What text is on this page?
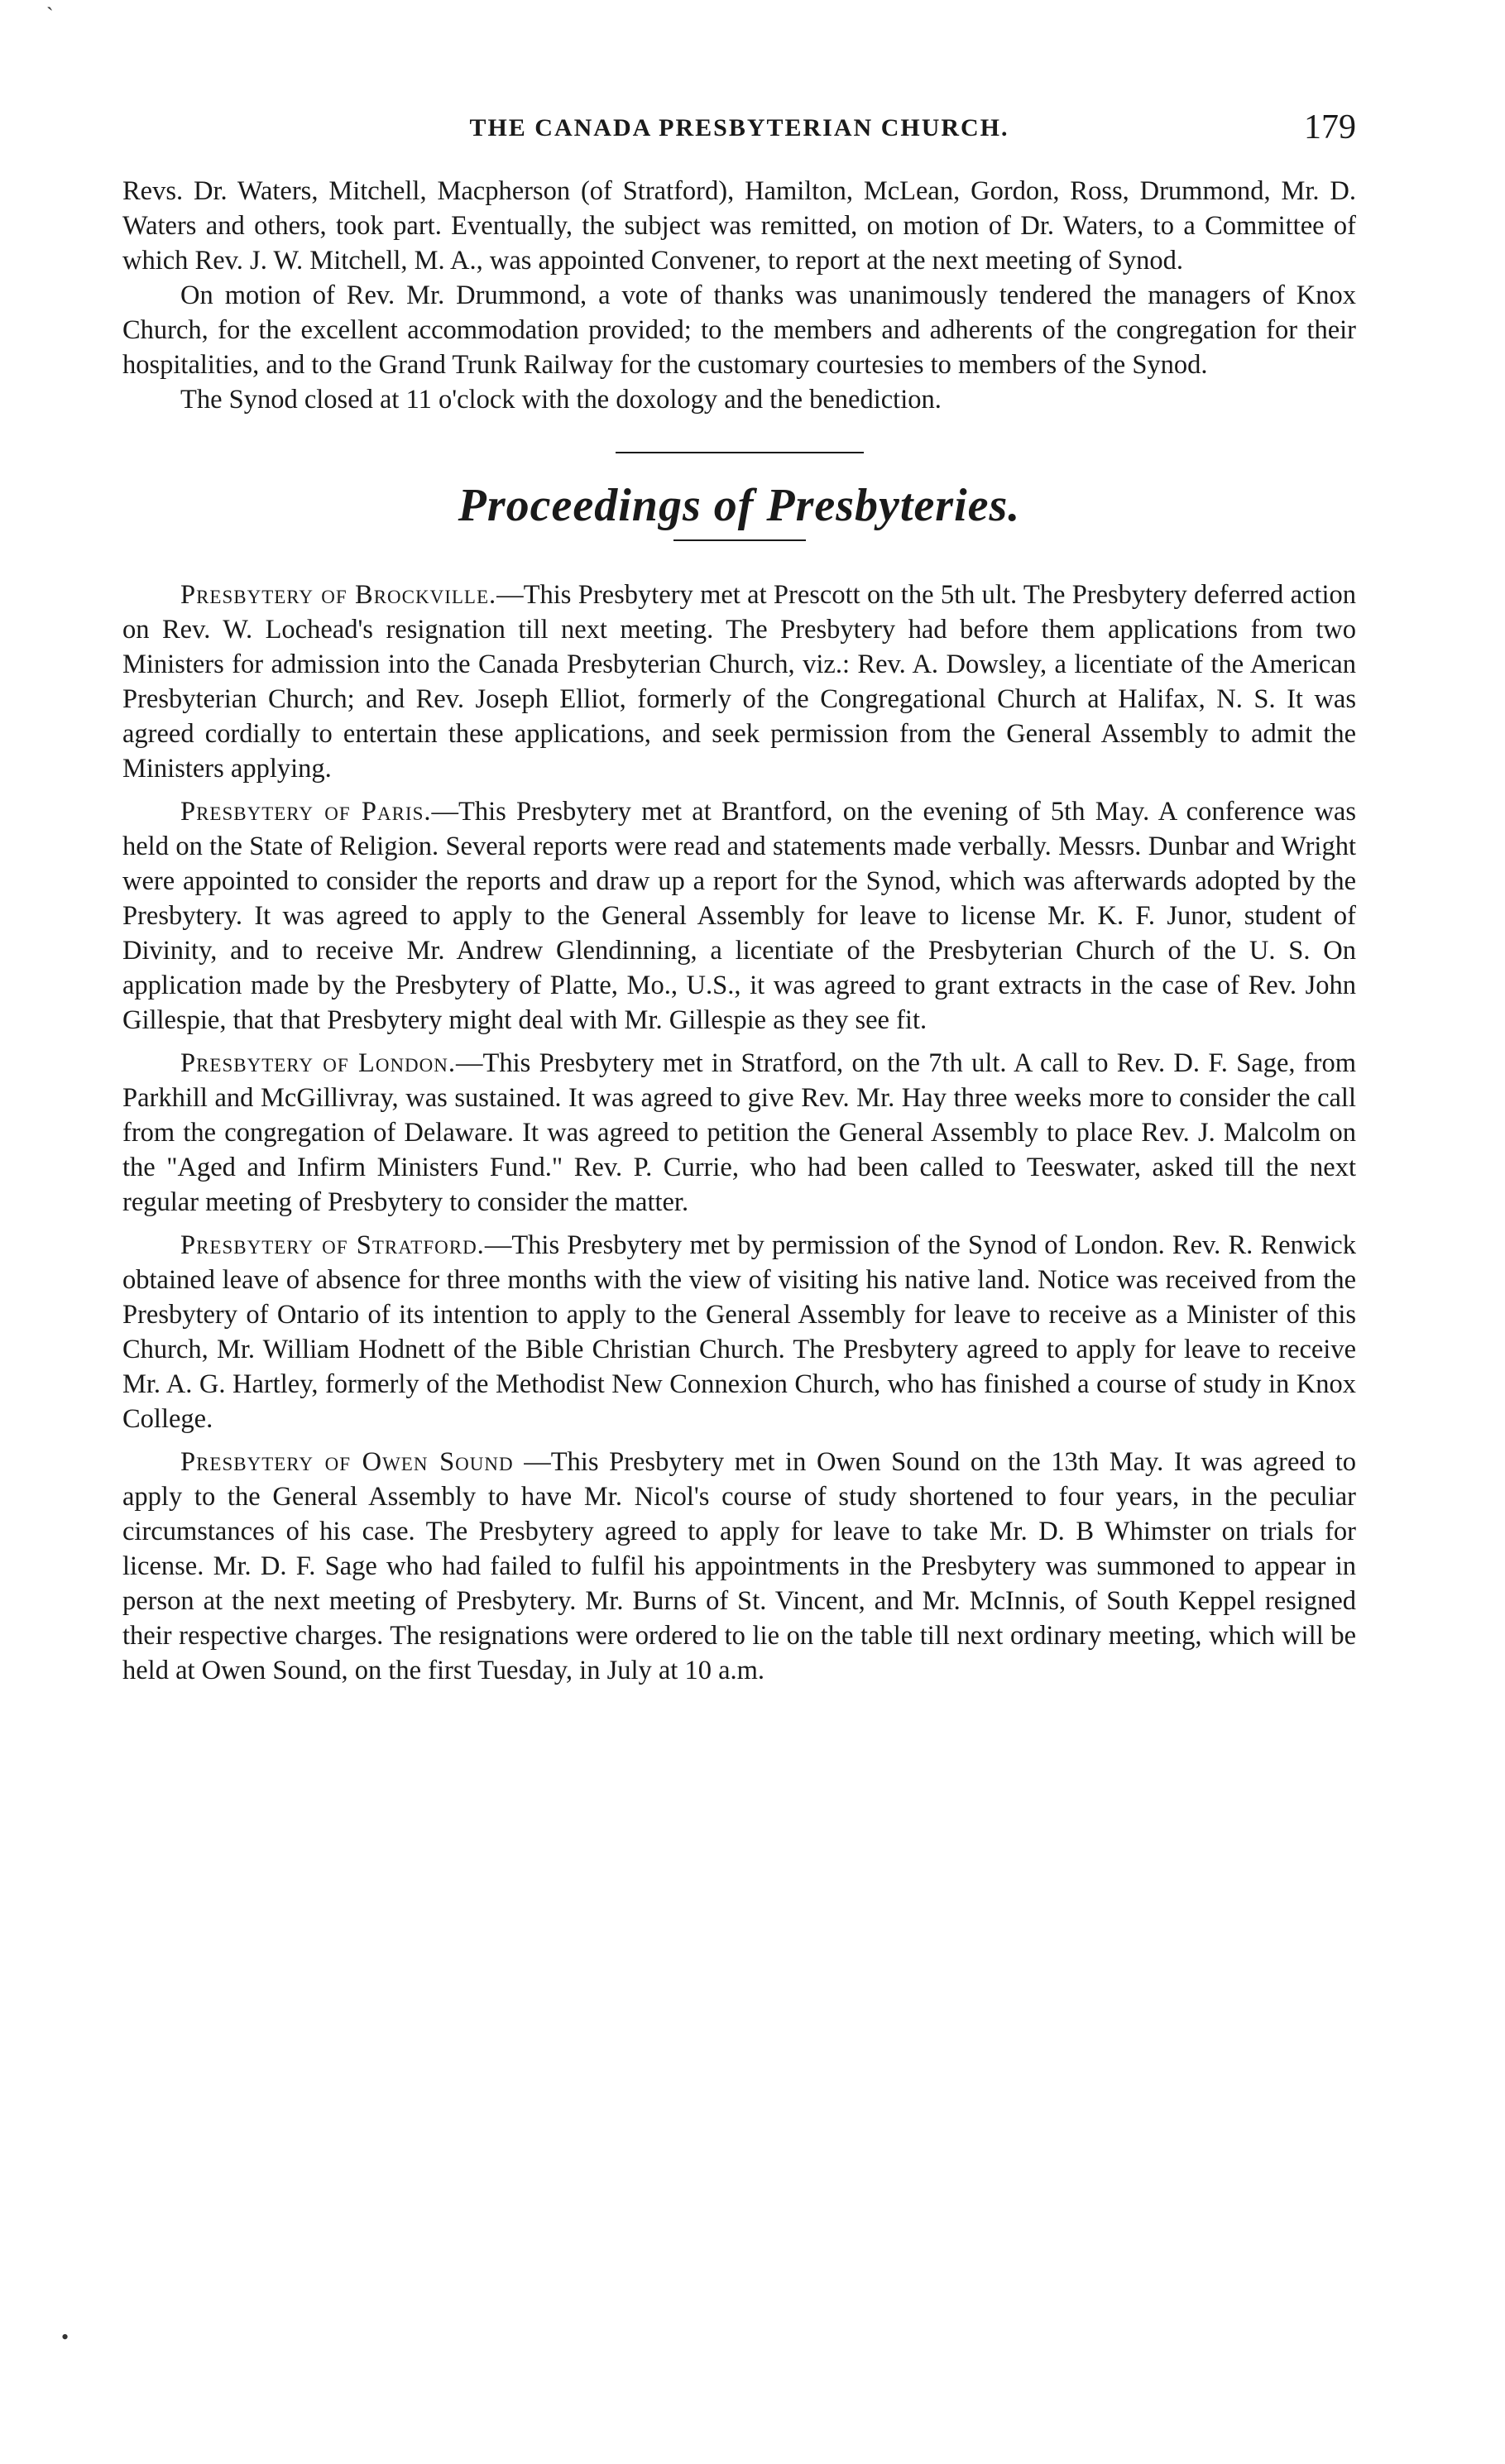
THE CANADA PRESBYTERIAN CHURCH.	179

Revs. Dr. Waters, Mitchell, Macpherson (of Stratford), Hamilton, McLean, Gordon, Ross, Drummond, Mr. D. Waters and others, took part. Eventually, the subject was remitted, on motion of Dr. Waters, to a Committee of which Rev. J. W. Mitchell, M. A., was appointed Convener, to report at the next meeting of Synod.

On motion of Rev. Mr. Drummond, a vote of thanks was unanimously tendered the managers of Knox Church, for the excellent accommodation provided; to the members and adherents of the congregation for their hospitalities, and to the Grand Trunk Railway for the customary courtesies to members of the Synod.

The Synod closed at 11 o'clock with the doxology and the benediction.

Proceedings of Presbyteries.

Presbytery of Brockville.—This Presbytery met at Prescott on the 5th ult. The Presbytery deferred action on Rev. W. Lochead's resignation till next meeting. The Presbytery had before them applications from two Ministers for admission into the Canada Presbyterian Church, viz.: Rev. A. Dowsley, a licentiate of the American Presbyterian Church; and Rev. Joseph Elliot, formerly of the Congregational Church at Halifax, N. S. It was agreed cordially to entertain these applications, and seek permission from the General Assembly to admit the Ministers applying.

Presbytery of Paris.—This Presbytery met at Brantford, on the evening of 5th May. A conference was held on the State of Religion. Several reports were read and statements made verbally. Messrs. Dunbar and Wright were appointed to consider the reports and draw up a report for the Synod, which was afterwards adopted by the Presbytery. It was agreed to apply to the General Assembly for leave to license Mr. K. F. Junor, student of Divinity, and to receive Mr. Andrew Glendinning, a licentiate of the Presbyterian Church of the U. S. On application made by the Presbytery of Platte, Mo., U.S., it was agreed to grant extracts in the case of Rev. John Gillespie, that that Presbytery might deal with Mr. Gillespie as they see fit.

Presbytery of London.—This Presbytery met in Stratford, on the 7th ult. A call to Rev. D. F. Sage, from Parkhill and McGillivray, was sustained. It was agreed to give Rev. Mr. Hay three weeks more to consider the call from the congregation of Delaware. It was agreed to petition the General Assembly to place Rev. J. Malcolm on the "Aged and Infirm Ministers Fund." Rev. P. Currie, who had been called to Teeswater, asked till the next regular meeting of Presbytery to consider the matter.

Presbytery of Stratford.—This Presbytery met by permission of the Synod of London. Rev. R. Renwick obtained leave of absence for three months with the view of visiting his native land. Notice was received from the Presbytery of Ontario of its intention to apply to the General Assembly for leave to receive as a Minister of this Church, Mr. William Hodnett of the Bible Christian Church. The Presbytery agreed to apply for leave to receive Mr. A. G. Hartley, formerly of the Methodist New Connexion Church, who has finished a course of study in Knox College.

Presbytery of Owen Sound —This Presbytery met in Owen Sound on the 13th May. It was agreed to apply to the General Assembly to have Mr. Nicol's course of study shortened to four years, in the peculiar circumstances of his case. The Presbytery agreed to apply for leave to take Mr. D. B Whimster on trials for license. Mr. D. F. Sage who had failed to fulfil his appointments in the Presbytery was summoned to appear in person at the next meeting of Presbytery. Mr. Burns of St. Vincent, and Mr. McInnis, of South Keppel resigned their respective charges. The resignations were ordered to lie on the table till next ordinary meeting, which will be held at Owen Sound, on the first Tuesday, in July at 10 a.m.

•
ˋ
